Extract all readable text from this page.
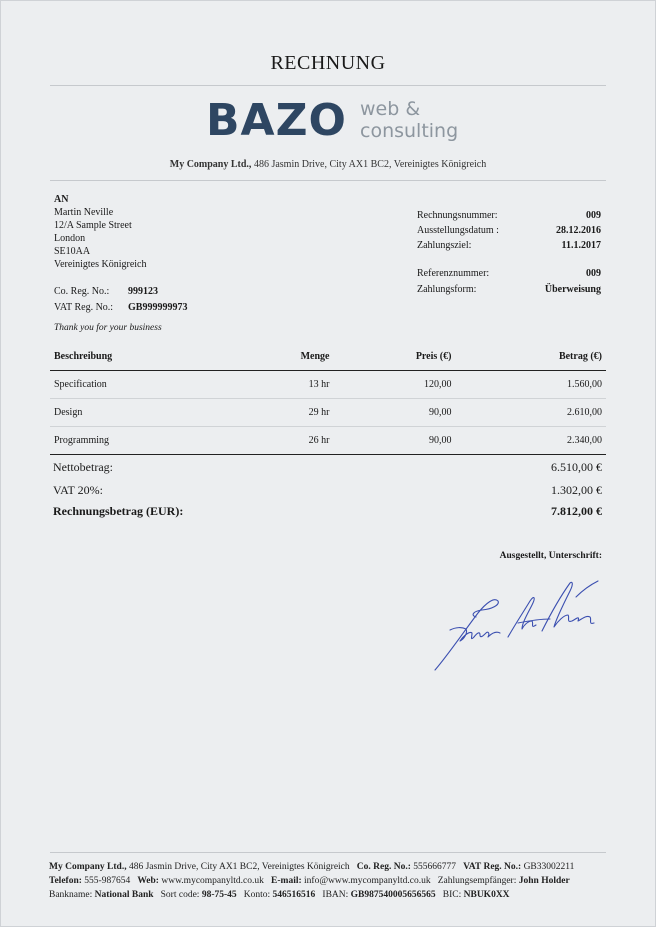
RECHNUNG
BAZO web &
consulting
My Company Ltd., 486 Jasmin Drive, City AX1 BC2, Vereinigtes Königreich
AN
Martin Neville
12/A Sample Street
London
SE10AA
Vereinigtes Königreich
Co. Reg. No.: 999123
VAT Reg. No.: GB999999973
Thank you for your business
Rechnungsnummer:	009
Ausstellungsdatum :	28.12.2016
Zahlungsziel:	11.1.2017
Referenznummer:	009
Zahlungsform:	Überweisung
Beschreibung	Menge	Preis (€)	Betrag (€)
Specification	13 hr	120,00	1.560,00
Design	29 hr	90,00	2.610,00
Programming	26 hr	90,00	2.340,00
Nettobetrag:	6.510,00 €
VAT 20%:	1.302,00 €
Rechnungsbetrag (EUR):	7.812,00 €
Ausgestellt, Unterschrift:
My Company Ltd., 486 Jasmin Drive, City AX1 BC2, Vereinigtes Königreich Co. Reg. No.: 555666777 VAT Reg. No.: GB33002211
Telefon: 555-987654 Web: www.mycompanyltd.co.uk E-mail: info@www.mycompanyltd.co.uk Zahlungsempfänger: John Holder
Bankname: National Bank Sort code: 98-75-45 Konto: 546516516 IBAN: GB987540005656565 BIC: NBUK0XX
